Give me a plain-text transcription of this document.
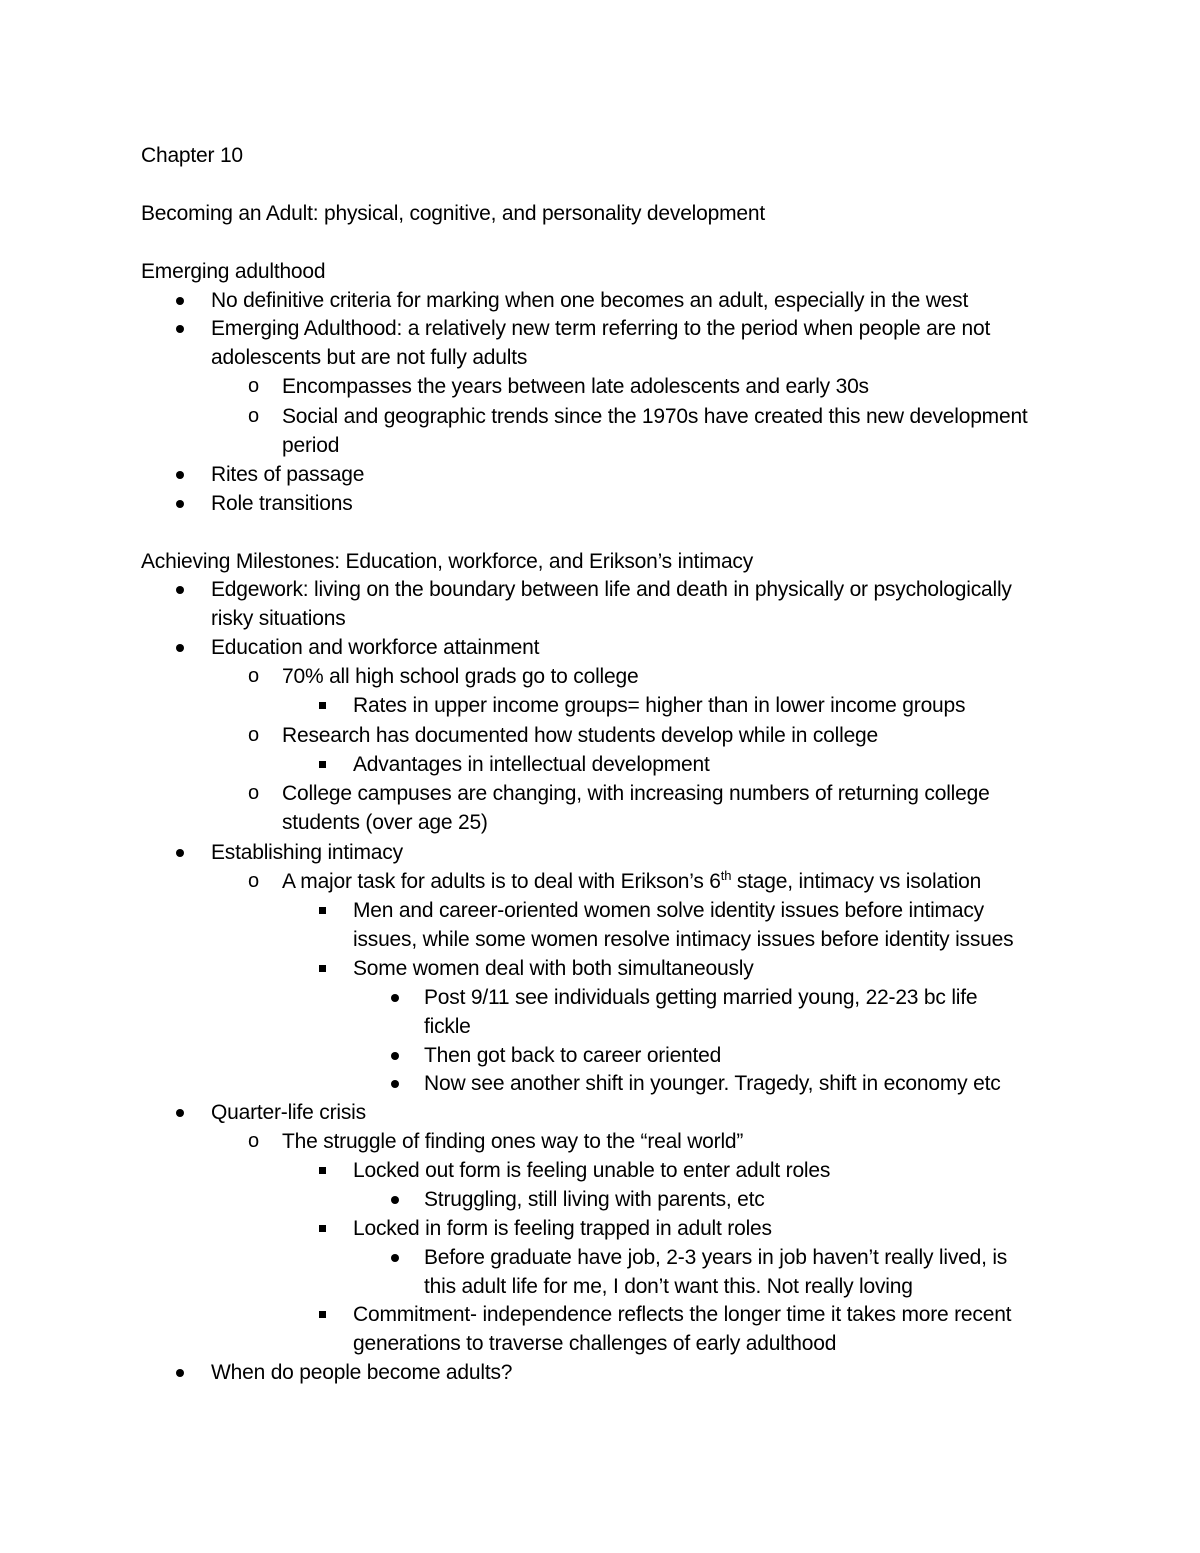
Chapter 10
Becoming an Adult: physical, cognitive, and personality development
Emerging adulthood
No definitive criteria for marking when one becomes an adult, especially in the west
Emerging Adulthood: a relatively new term referring to the period when people are not
adolescents but are not fully adults
o Encompasses the years between late adolescents and early 30s
o Social and geographic trends since the 1970s have created this new development
period
Rites of passage
Role transitions
Achieving Milestones: Education, workforce, and Erikson’s intimacy
Edgework: living on the boundary between life and death in physically or psychologically
risky situations
Education and workforce attainment
o 70% all high school grads go to college
Rates in upper income groups= higher than in lower income groups
o Research has documented how students develop while in college
Advantages in intellectual development
o College campuses are changing, with increasing numbers of returning college
students (over age 25)
Establishing intimacy
o A major task for adults is to deal with Erikson’s 6th stage, intimacy vs isolation
Men and career-oriented women solve identity issues before intimacy
issues, while some women resolve intimacy issues before identity issues
Some women deal with both simultaneously
Post 9/11 see individuals getting married young, 22-23 bc life
fickle
Then got back to career oriented
Now see another shift in younger. Tragedy, shift in economy etc
Quarter-life crisis
o The struggle of finding ones way to the “real world”
Locked out form is feeling unable to enter adult roles
Struggling, still living with parents, etc
Locked in form is feeling trapped in adult roles
Before graduate have job, 2-3 years in job haven’t really lived, is
this adult life for me, I don’t want this. Not really loving
Commitment- independence reflects the longer time it takes more recent
generations to traverse challenges of early adulthood
When do people become adults?
